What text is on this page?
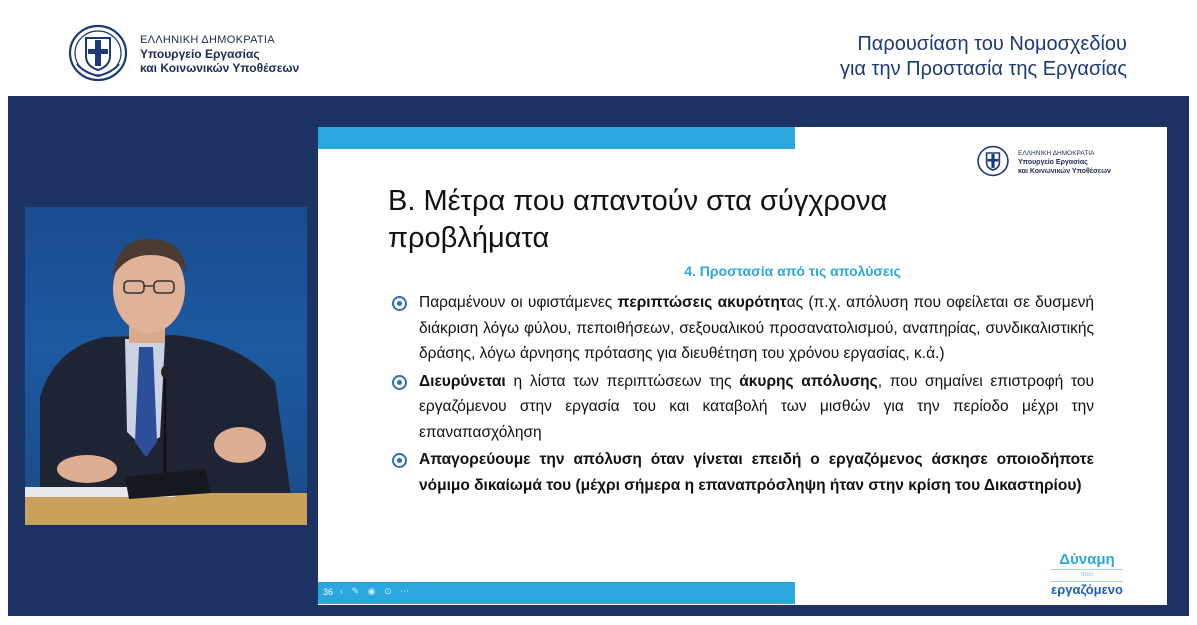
ΕΛΛΗΝΙΚΗ ΔΗΜΟΚΡΑΤΙΑ
Υπουργείο Εργασίας
και Κοινωνικών Υποθέσεων
Παρουσίαση του Νομοσχεδίου
για την Προστασία της Εργασίας
ΕΛΛΗΝΙΚΗ ΔΗΜΟΚΡΑΤΙΑ
Υπουργείο Εργασίας
και Κοινωνικών Υποθέσεων
Β. Μέτρα που απαντούν στα σύγχρονα προβλήματα
4. Προστασία από τις απολύσεις
Παραμένουν οι υφιστάμενες περιπτώσεις ακυρότητας (π.χ. απόλυση που οφείλεται σε δυσμενή διάκριση λόγω φύλου, πεποιθήσεων, σεξουαλικού προσανατολισμού, αναπηρίας, συνδικαλιστικής δράσης, λόγω άρνησης πρότασης για διευθέτηση του χρόνου εργασίας, κ.ά.)
Διευρύνεται η λίστα των περιπτώσεων της άκυρης απόλυσης, που σημαίνει επιστροφή του εργαζόμενου στην εργασία του και καταβολή των μισθών για την περίοδο μέχρι την επαναπασχόληση
Απαγορεύουμε την απόλυση όταν γίνεται επειδή ο εργαζόμενος άσκησε οποιοδήποτε νόμιμο δικαίωμά του (μέχρι σήμερα η επαναπρόσληψη ήταν στην κρίση του Δικαστηρίου)
Δύναμη
στον
εργαζόμενο
36 ‹ ✎ ◉ ⊙ ⋯
